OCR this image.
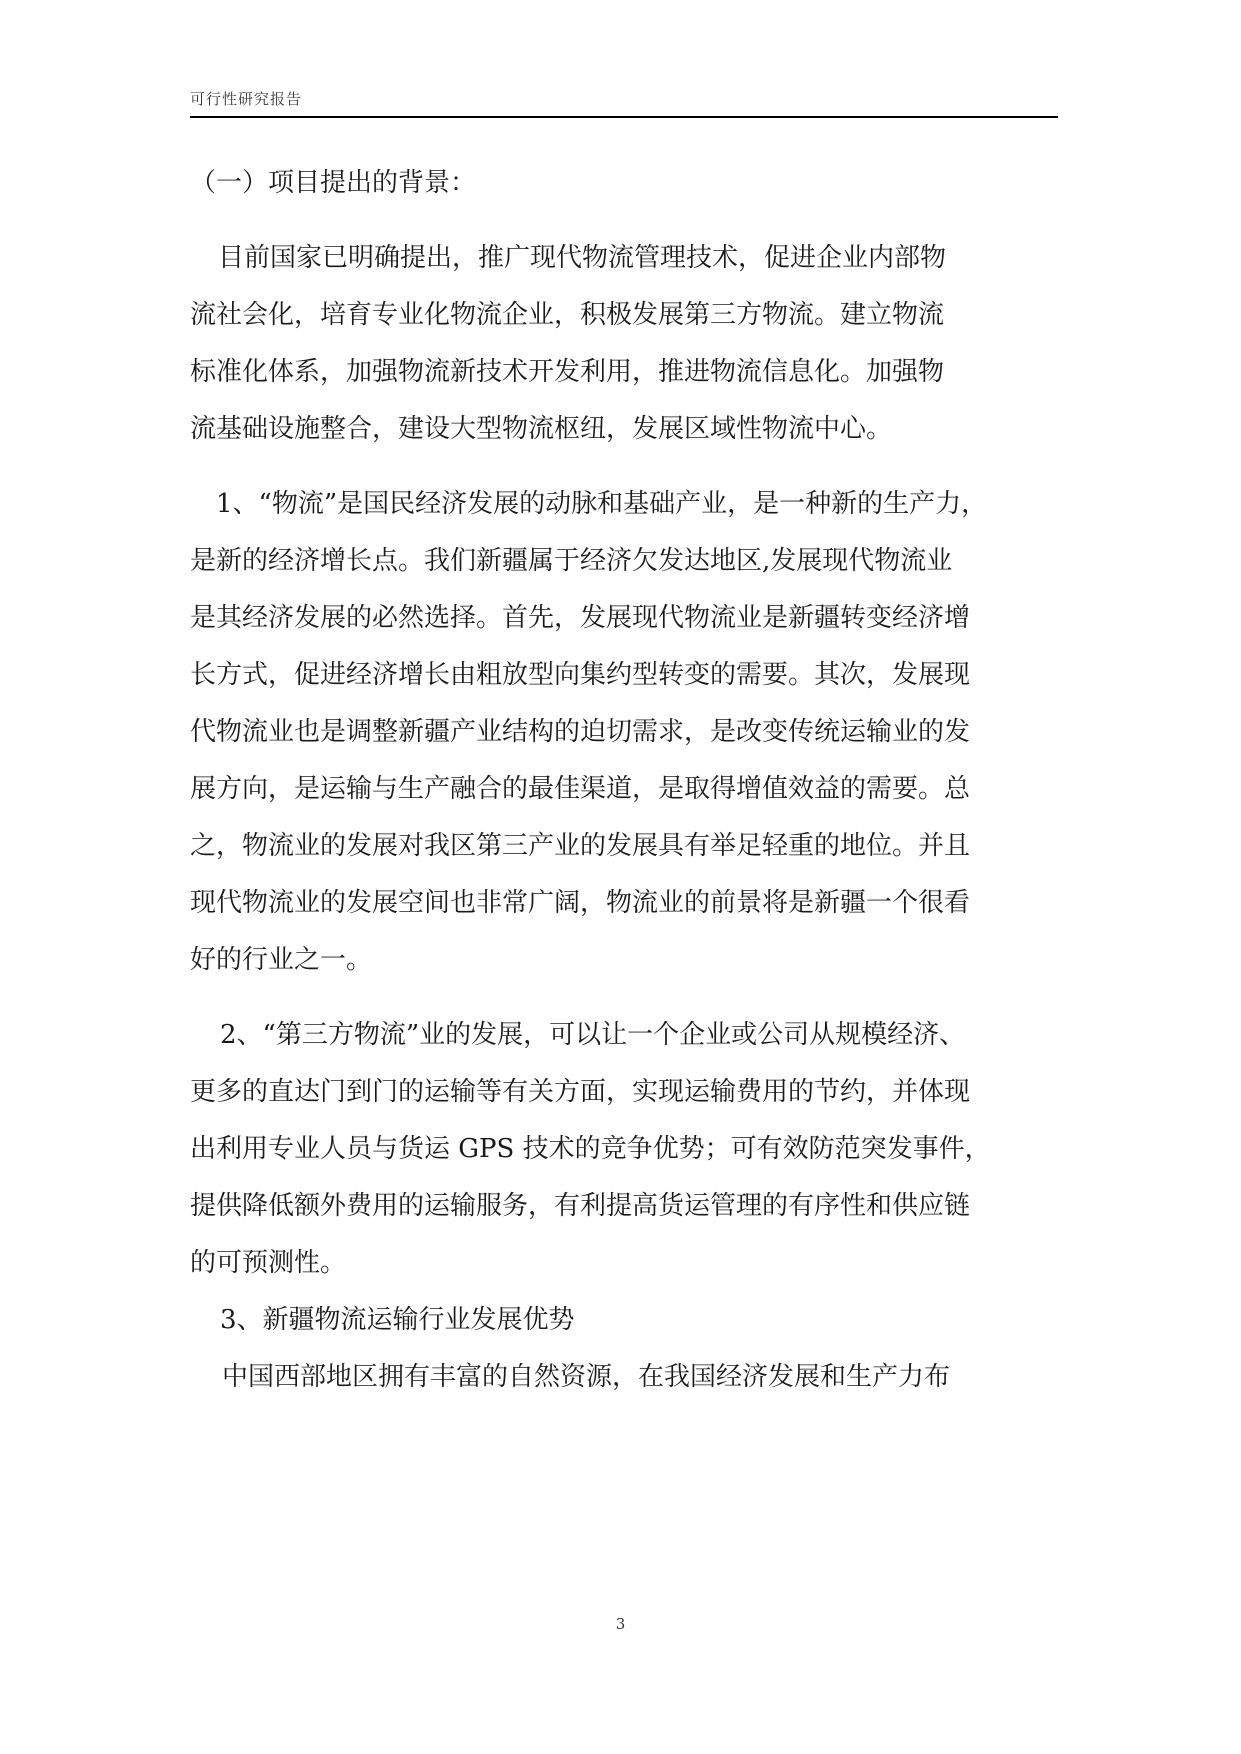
可行性研究报告
（一）项目提出的背景：
目前国家已明确提出，推广现代物流管理技术，促进企业内部物
流社会化，培育专业化物流企业，积极发展第三方物流。建立物流
标准化体系，加强物流新技术开发利用，推进物流信息化。加强物
流基础设施整合，建设大型物流枢纽，发展区域性物流中心。
1、“物流”是国民经济发展的动脉和基础产业，是一种新的生产力，
是新的经济增长点。我们新疆属于经济欠发达地区,发展现代物流业
是其经济发展的必然选择。首先，发展现代物流业是新疆转变经济增
长方式，促进经济增长由粗放型向集约型转变的需要。其次，发展现
代物流业也是调整新疆产业结构的迫切需求，是改变传统运输业的发
展方向，是运输与生产融合的最佳渠道，是取得增值效益的需要。总
之，物流业的发展对我区第三产业的发展具有举足轻重的地位。并且
现代物流业的发展空间也非常广阔，物流业的前景将是新疆一个很看
好的行业之一。
2、“第三方物流”业的发展，可以让一个企业或公司从规模经济、
更多的直达门到门的运输等有关方面，实现运输费用的节约，并体现
出利用专业人员与货运 GPS 技术的竞争优势；可有效防范突发事件，
提供降低额外费用的运输服务，有利提高货运管理的有序性和供应链
的可预测性。
3、新疆物流运输行业发展优势
中国西部地区拥有丰富的自然资源，在我国经济发展和生产力布
3
